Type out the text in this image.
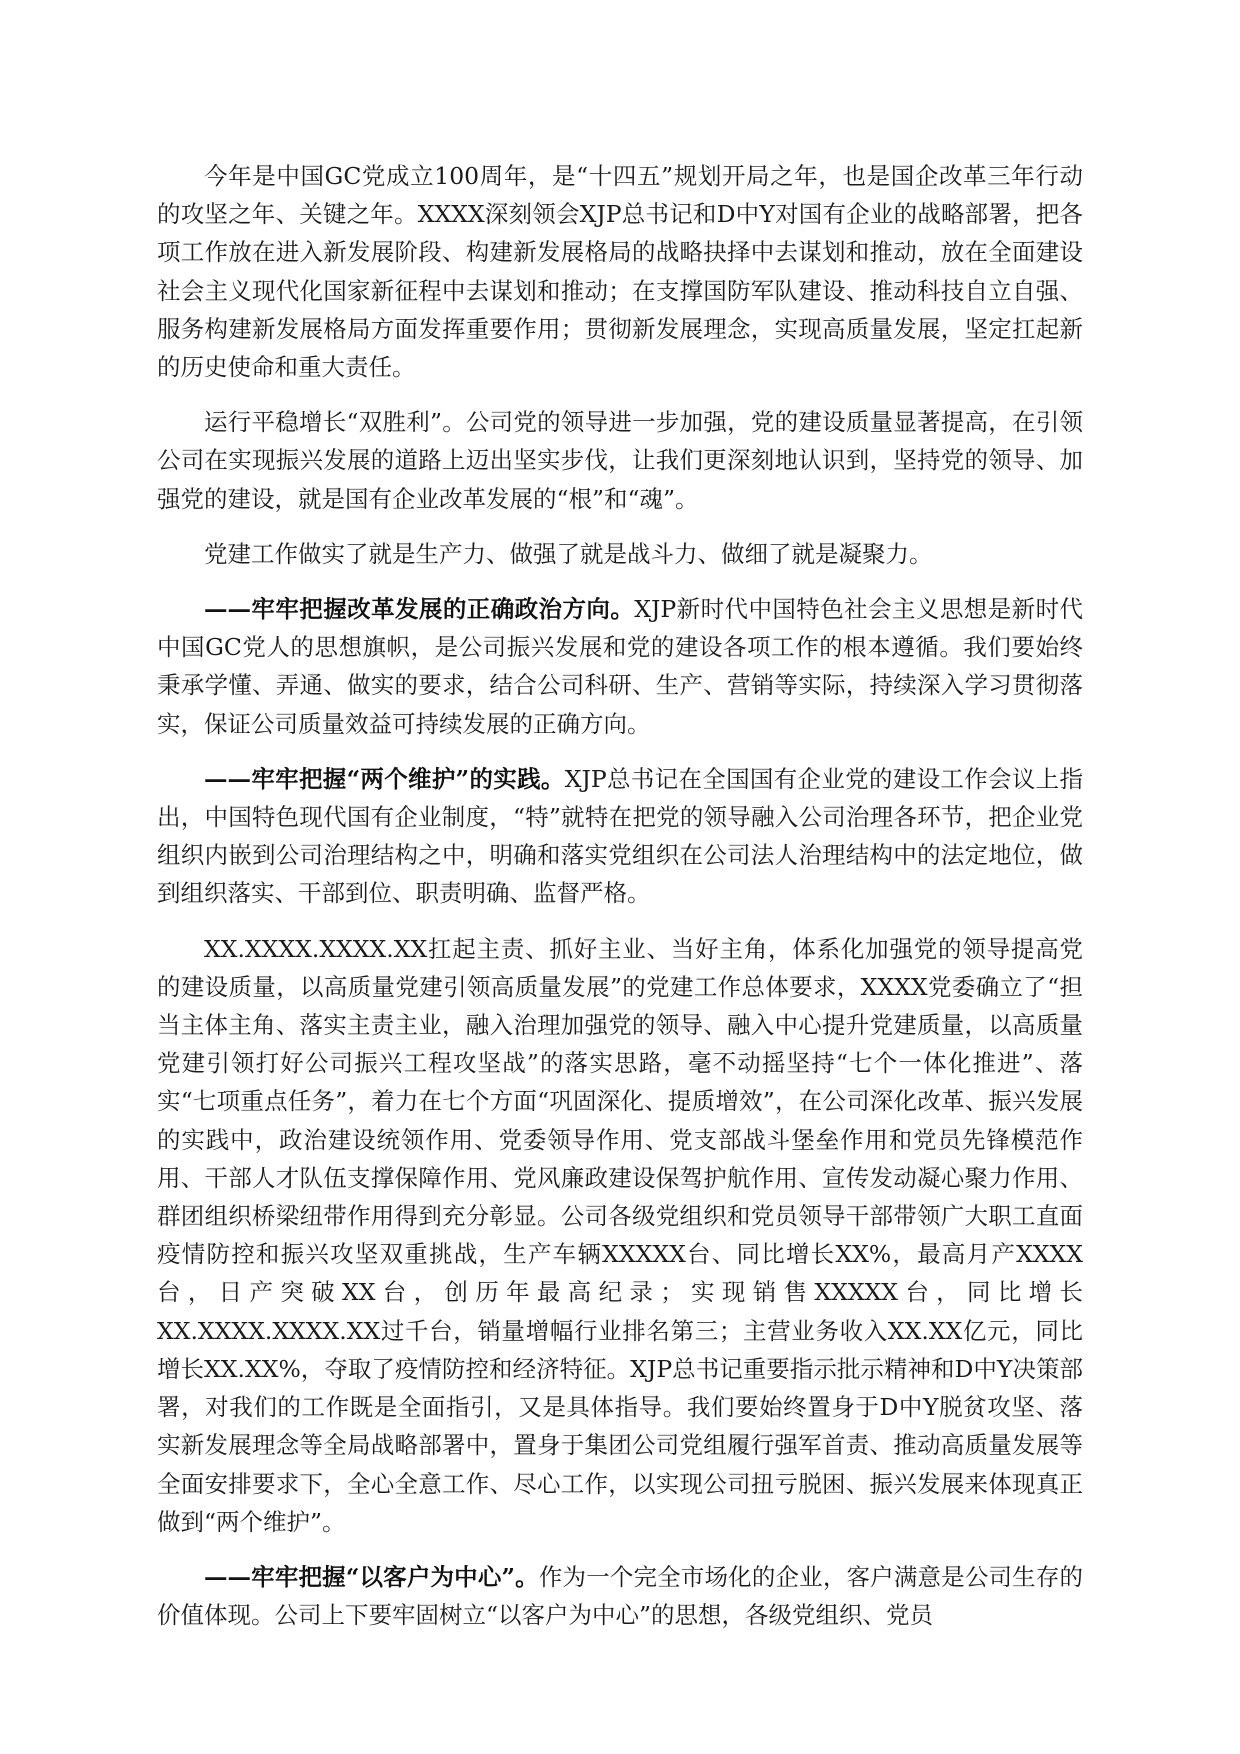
今年是中国GC党成立100周年，是“十四五”规划开局之年，也是国企改革三年行动的攻坚之年、关键之年。XXXX深刻领会XJP总书记和D中Y对国有企业的战略部署，把各项工作放在进入新发展阶段、构建新发展格局的战略抉择中去谋划和推动，放在全面建设社会主义现代化国家新征程中去谋划和推动；在支撑国防军队建设、推动科技自立自强、服务构建新发展格局方面发挥重要作用；贯彻新发展理念，实现高质量发展，坚定扛起新的历史使命和重大责任。

运行平稳增长“双胜利”。公司党的领导进一步加强，党的建设质量显著提高，在引领公司在实现振兴发展的道路上迈出坚实步伐，让我们更深刻地认识到，坚持党的领导、加强党的建设，就是国有企业改革发展的“根”和“魂”。

党建工作做实了就是生产力、做强了就是战斗力、做细了就是凝聚力。

——牢牢把握改革发展的正确政治方向。XJP新时代中国特色社会主义思想是新时代中国GC党人的思想旗帜，是公司振兴发展和党的建设各项工作的根本遵循。我们要始终秉承学懂、弄通、做实的要求，结合公司科研、生产、营销等实际，持续深入学习贯彻落实，保证公司质量效益可持续发展的正确方向。

——牢牢把握“两个维护”的实践。XJP总书记在全国国有企业党的建设工作会议上指出，中国特色现代国有企业制度，“特”就特在把党的领导融入公司治理各环节，把企业党组织内嵌到公司治理结构之中，明确和落实党组织在公司法人治理结构中的法定地位，做到组织落实、干部到位、职责明确、监督严格。

XX.XXXX.XXXX.XX扛起主责、抓好主业、当好主角，体系化加强党的领导提高党的建设质量，以高质量党建引领高质量发展”的党建工作总体要求，XXXX党委确立了“担当主体主角、落实主责主业，融入治理加强党的领导、融入中心提升党建质量，以高质量党建引领打好公司振兴工程攻坚战”的落实思路，毫不动摇坚持“七个一体化推进”、落实“七项重点任务”，着力在七个方面“巩固深化、提质增效”，在公司深化改革、振兴发展的实践中，政治建设统领作用、党委领导作用、党支部战斗堡垒作用和党员先锋模范作用、干部人才队伍支撑保障作用、党风廉政建设保驾护航作用、宣传发动凝心聚力作用、群团组织桥梁纽带作用得到充分彰显。公司各级党组织和党员领导干部带领广大职工直面疫情防控和振兴攻坚双重挑战，生产车辆XXXXX台、同比增长XX%，最高月产XXXX台，日产突破XX台，创历年最高纪录；实现销售XXXXX台，同比增长XX.XXXX.XXXX.XX过千台，销量增幅行业排名第三；主营业务收入XX.XX亿元，同比增长XX.XX%，夺取了疫情防控和经济特征。XJP总书记重要指示批示精神和D中Y决策部署，对我们的工作既是全面指引，又是具体指导。我们要始终置身于D中Y脱贫攻坚、落实新发展理念等全局战略部署中，置身于集团公司党组履行强军首责、推动高质量发展等全面安排要求下，全心全意工作、尽心工作，以实现公司扭亏脱困、振兴发展来体现真正做到“两个维护”。

——牢牢把握“以客户为中心”。作为一个完全市场化的企业，客户满意是公司生存的价值体现。公司上下要牢固树立“以客户为中心”的思想，各级党组织、党员
